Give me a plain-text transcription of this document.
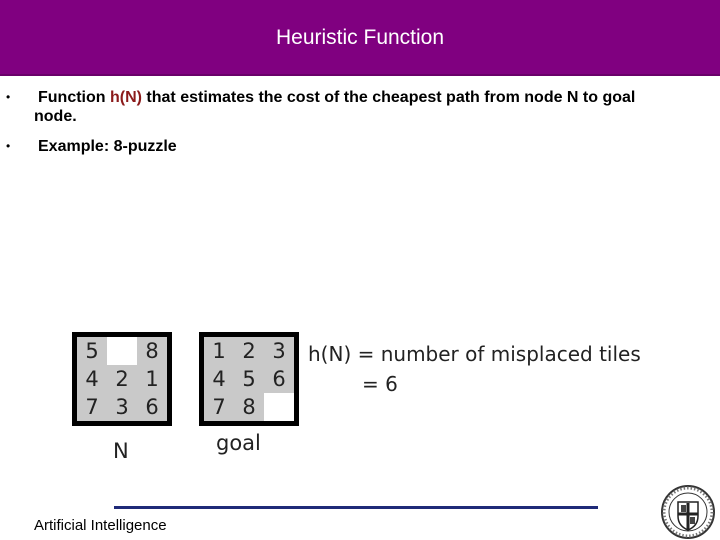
Heuristic Function
• Function h(N) that estimates the cost of the cheapest path from node N to goal
node.
• Example: 8-puzzle
5	8
4 2 1
7 3 6
N
1 2 3
4 5 6
7 8
goal
h(N) = number of misplaced tiles
= 6
Artificial Intelligence
